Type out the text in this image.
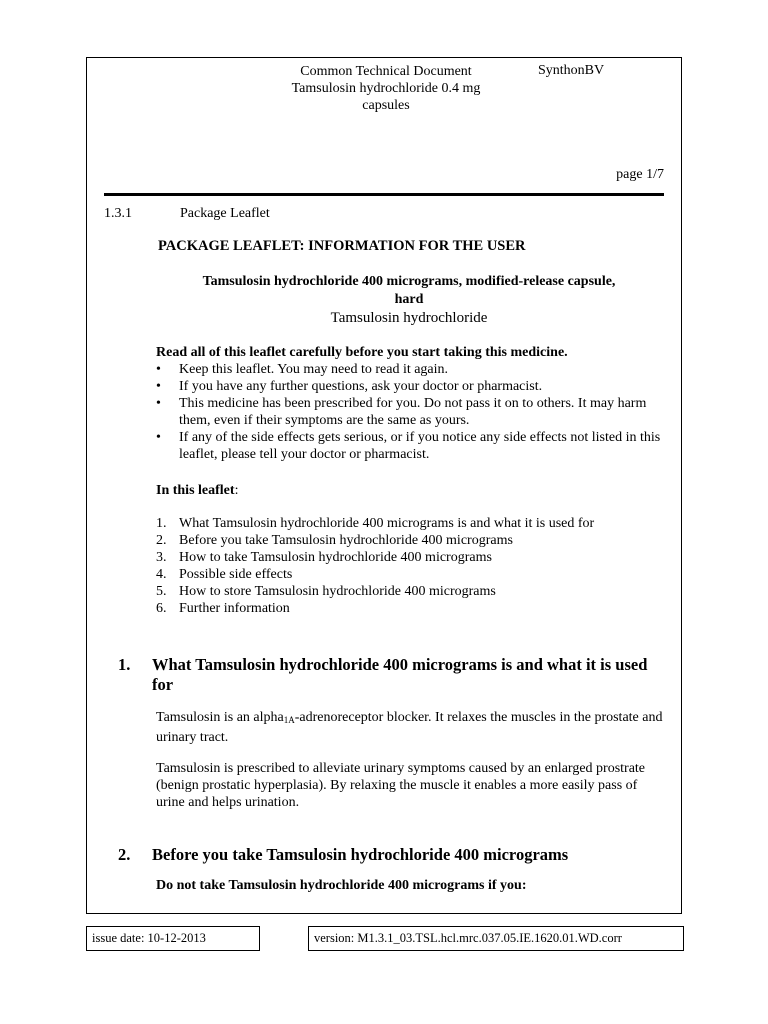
Common Technical Document
Tamsulosin hydrochloride 0.4 mg
capsules
SynthonBV
page 1/7
1.3.1	Package Leaflet
PACKAGE LEAFLET: INFORMATION FOR THE USER
Tamsulosin hydrochloride 400 micrograms, modified-release capsule,
hard
Tamsulosin hydrochloride
Read all of this leaflet carefully before you start taking this medicine.
• Keep this leaflet. You may need to read it again.
• If you have any further questions, ask your doctor or pharmacist.
• This medicine has been prescribed for you. Do not pass it on to others. It may harm them, even if their symptoms are the same as yours.
• If any of the side effects gets serious, or if you notice any side effects not listed in this leaflet, please tell your doctor or pharmacist.
In this leaflet:
1. What Tamsulosin hydrochloride 400 micrograms is and what it is used for
2. Before you take Tamsulosin hydrochloride 400 micrograms
3. How to take Tamsulosin hydrochloride 400 micrograms
4. Possible side effects
5. How to store Tamsulosin hydrochloride 400 micrograms
6. Further information
1. What Tamsulosin hydrochloride 400 micrograms is and what it is used for
Tamsulosin is an alpha$_{1A}$-adrenoreceptor blocker. It relaxes the muscles in the prostate and urinary tract.
Tamsulosin is prescribed to alleviate urinary symptoms caused by an enlarged prostrate (benign prostatic hyperplasia). By relaxing the muscle it enables a more easily pass of urine and helps urination.
2. Before you take Tamsulosin hydrochloride 400 micrograms
Do not take Tamsulosin hydrochloride 400 micrograms if you:
issue date: 10-12-2013	version: M1.3.1_03.TSL.hcl.mrc.037.05.IE.1620.01.WD.corr
